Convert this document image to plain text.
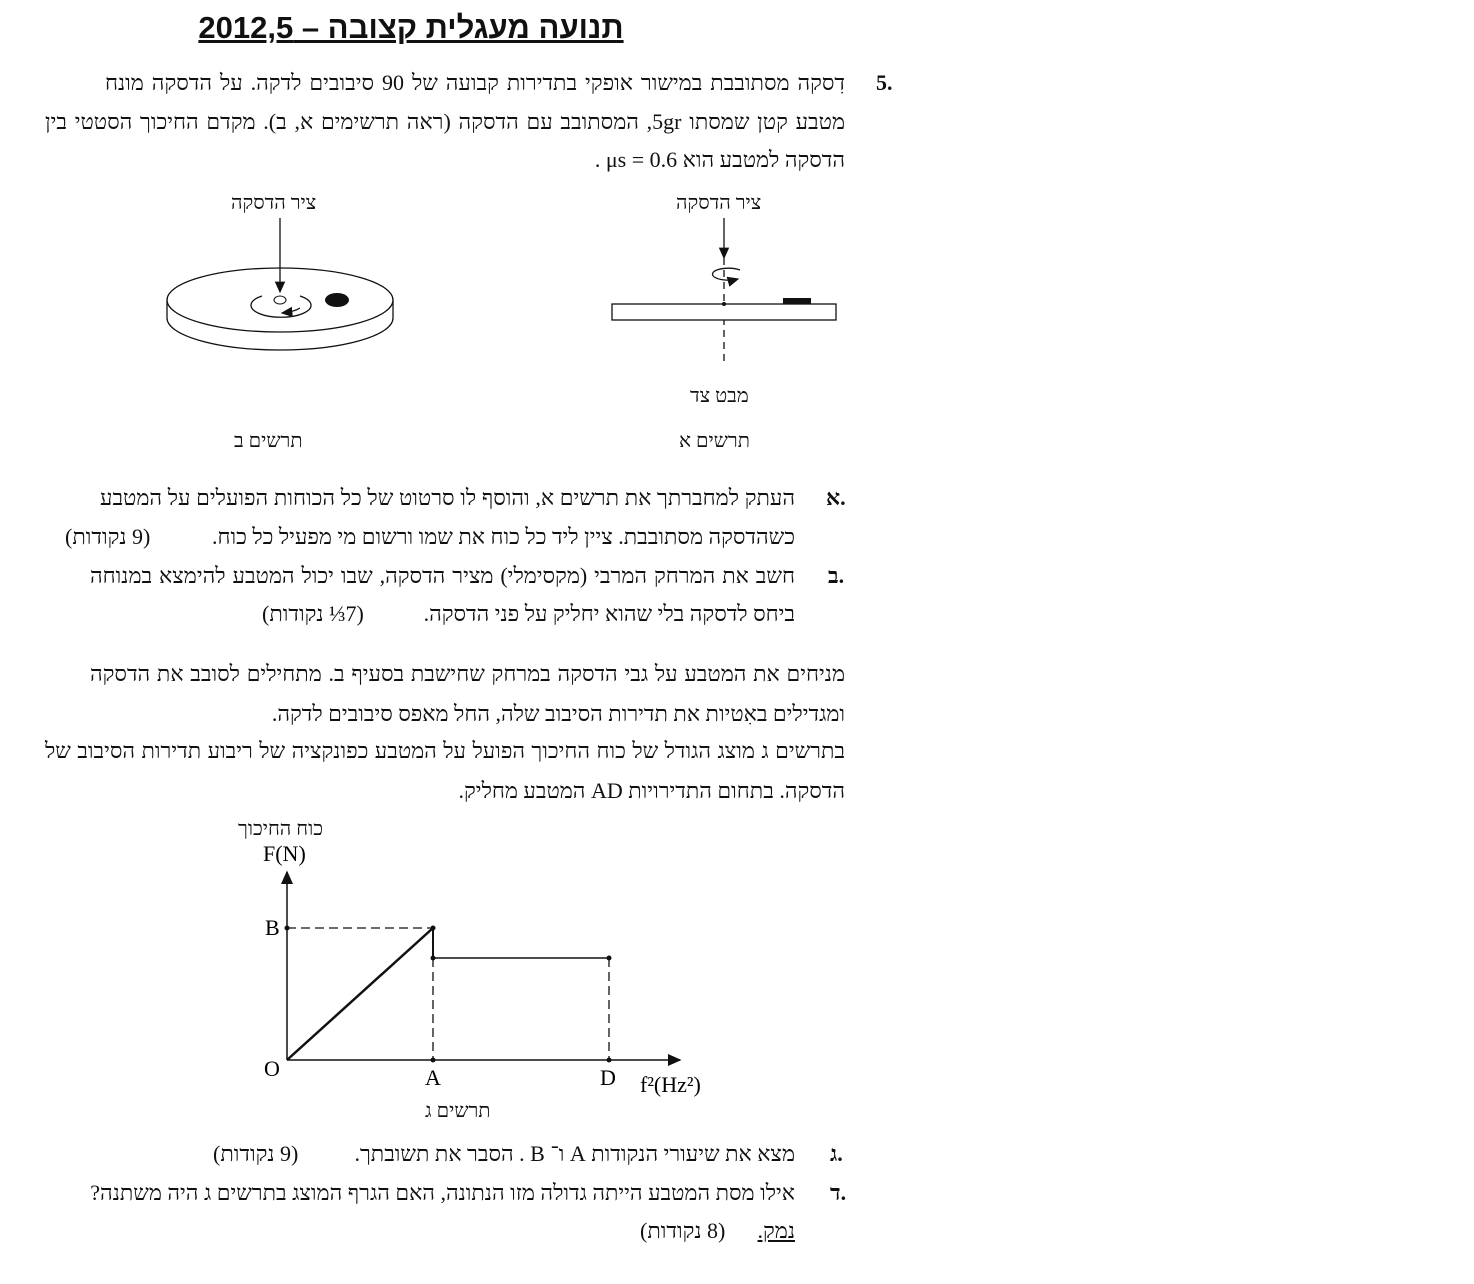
תנועה מעגלית קצובה – 2012,5
5.
דִסקה מסתובבת במישור אופקי בתדירות קבועה של 90 סיבובים לדקה. על הדסקה מונח
מטבע קטן שמסתו 5gr, המסתובב עם הדסקה (ראה תרשימים א, ב). מקדם החיכוך הסטטי בין
הדסקה למטבע הוא μs = 0.6 .
ציר הדסקה
ציר הדסקה
מבט צד
תרשים א
תרשים ב
B
O	A	D f²(Hz²)
F(N)
א.
העתק למחברתך את תרשים א, והוסף לו סרטוט של כל הכוחות הפועלים על המטבע
כשהדסקה מסתובבת. ציין ליד כל כוח את שמו ורשום מי מפעיל כל כוח.
(9 נקודות)
ב.
חשב את המרחק המרבי (מקסימלי) מציר הדסקה, שבו יכול המטבע להימצא במנוחה
ביחס לדסקה בלי שהוא יחליק על פני הדסקה.
(7⅓ נקודות)
מניחים את המטבע על גבי הדסקה במרחק שחישבת בסעיף ב. מתחילים לסובב את הדסקה
ומגדילים באִטיות את תדירות הסיבוב שלה, החל מאפס סיבובים לדקה.
בתרשים ג מוצג הגודל של כוח החיכוך הפועל על המטבע כפונקציה של ריבוע תדירות הסיבוב של
הדסקה. בתחום התדירויות AD המטבע מחליק.
כוח החיכוך
תרשים ג
ג.
מצא את שיעורי הנקודות A ו־ B . הסבר את תשובתך.
(9 נקודות)
ד.
אילו מסת המטבע הייתה גדולה מזו הנתונה, האם הגרף המוצג בתרשים ג היה משתנה?
נמק.
(8 נקודות)
